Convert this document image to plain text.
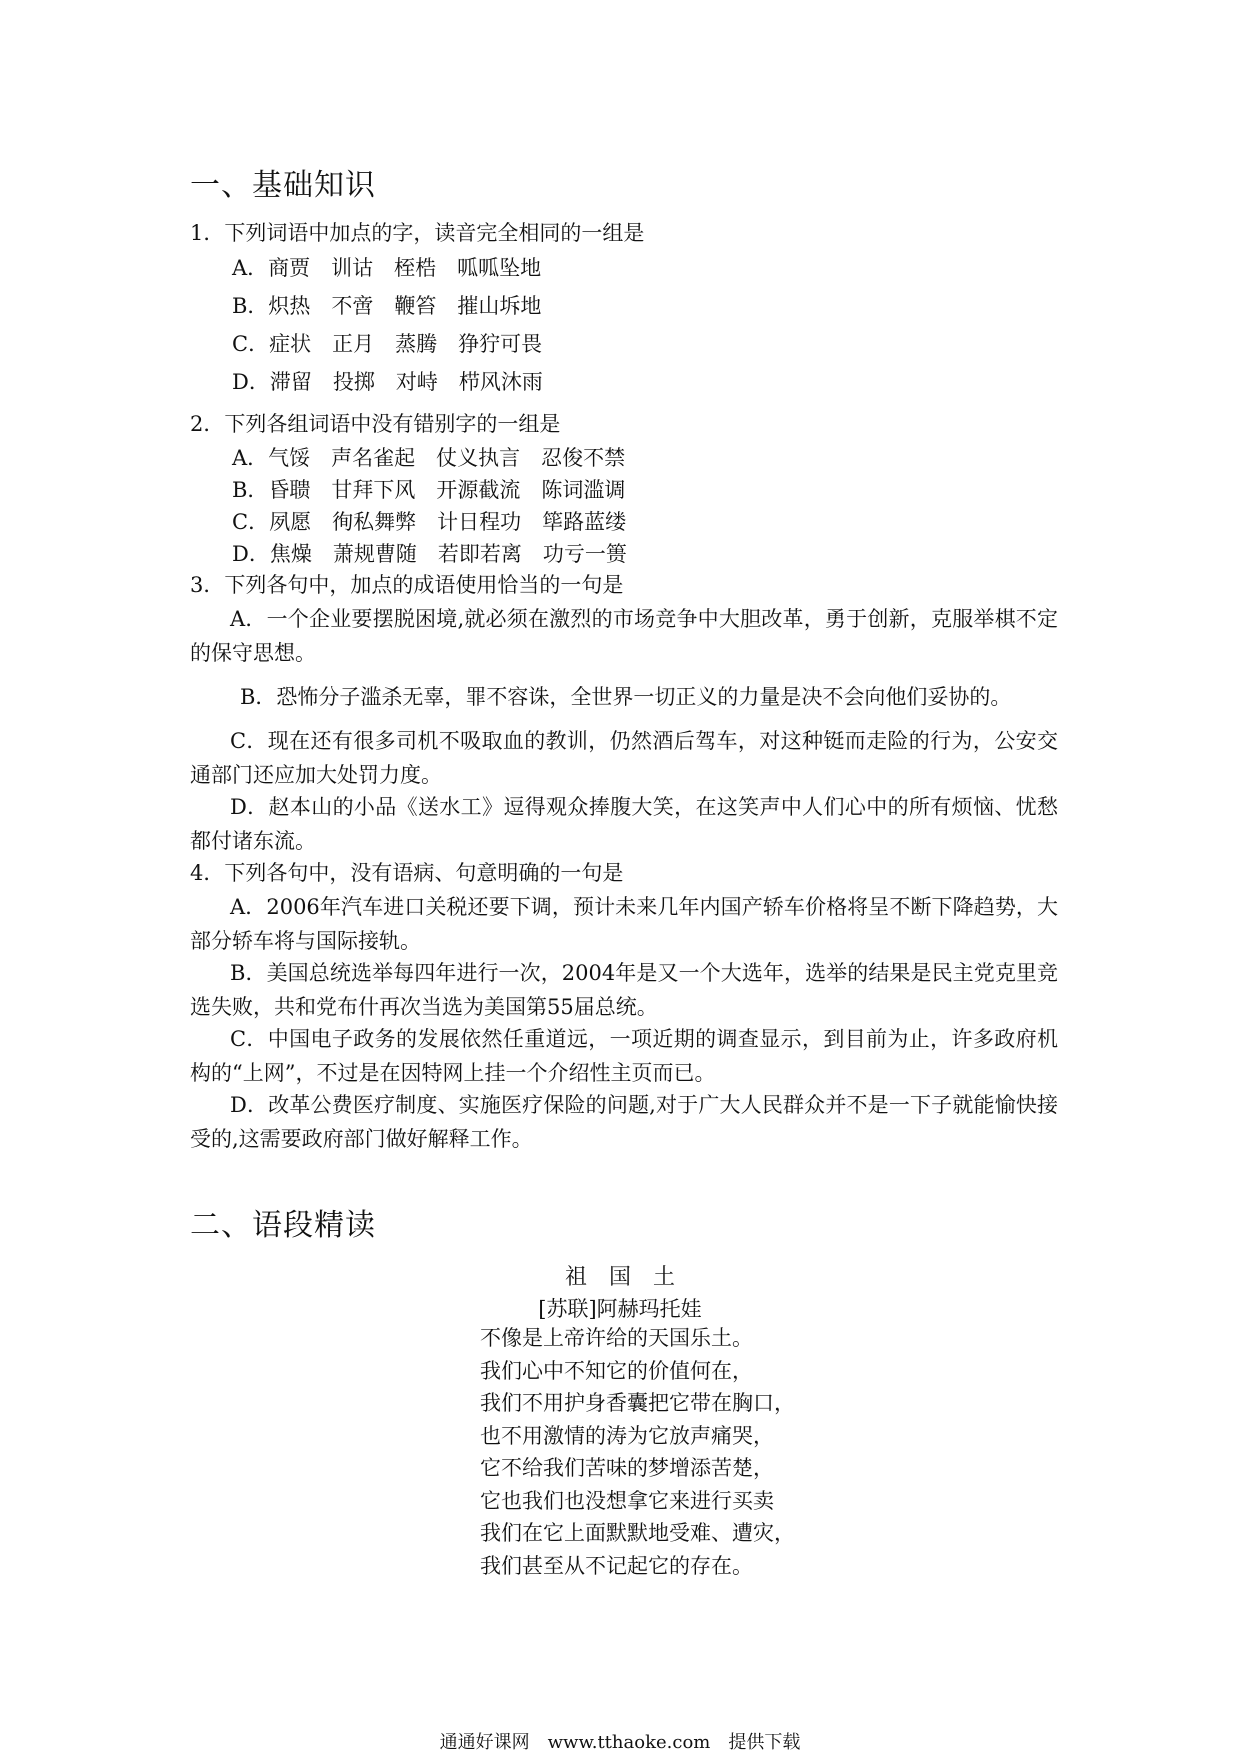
一、基础知识
1．下列词语中加点的字，读音完全相同的一组是
A．商贾　训诂　桎梏　呱呱坠地
B．炽热　不啻　鞭笞　摧山坼地
C．症状　正月　蒸腾　狰狞可畏
D．滞留　投掷　对峙　栉风沐雨
2．下列各组词语中没有错别字的一组是
A．气馁　声名雀起　仗义执言　忍俊不禁
B．昏聩　甘拜下风　开源截流　陈词滥调
C．夙愿　徇私舞弊　计日程功　筚路蓝缕
D．焦燥　萧规曹随　若即若离　功亏一篑
3．下列各句中，加点的成语使用恰当的一句是
A．一个企业要摆脱困境,就必须在激烈的市场竞争中大胆改革，勇于创新，克服举棋不定的保守思想。
B．恐怖分子滥杀无辜，罪不容诛，全世界一切正义的力量是决不会向他们妥协的。
C．现在还有很多司机不吸取血的教训，仍然酒后驾车，对这种铤而走险的行为，公安交通部门还应加大处罚力度。
D．赵本山的小品《送水工》逗得观众捧腹大笑，在这笑声中人们心中的所有烦恼、忧愁都付诸东流。
4．下列各句中，没有语病、句意明确的一句是
A．2006年汽车进口关税还要下调，预计未来几年内国产轿车价格将呈不断下降趋势，大部分轿车将与国际接轨。
B．美国总统选举每四年进行一次，2004年是又一个大选年，选举的结果是民主党克里竞选失败，共和党布什再次当选为美国第55届总统。
C．中国电子政务的发展依然任重道远，一项近期的调查显示，到目前为止，许多政府机构的“上网”，不过是在因特网上挂一个介绍性主页而已。
D．改革公费医疗制度、实施医疗保险的问题,对于广大人民群众并不是一下子就能愉快接受的,这需要政府部门做好解释工作。
二、语段精读
祖　国　土
[苏联]阿赫玛托娃
不像是上帝许给的天国乐土。
我们心中不知它的价值何在，
我们不用护身香囊把它带在胸口，
也不用激情的涛为它放声痛哭，
它不给我们苦味的梦增添苦楚，
它也我们也没想拿它来进行买卖
我们在它上面默默地受难、遭灾，
我们甚至从不记起它的存在。
通通好课网　www.tthaoke.com　提供下载
